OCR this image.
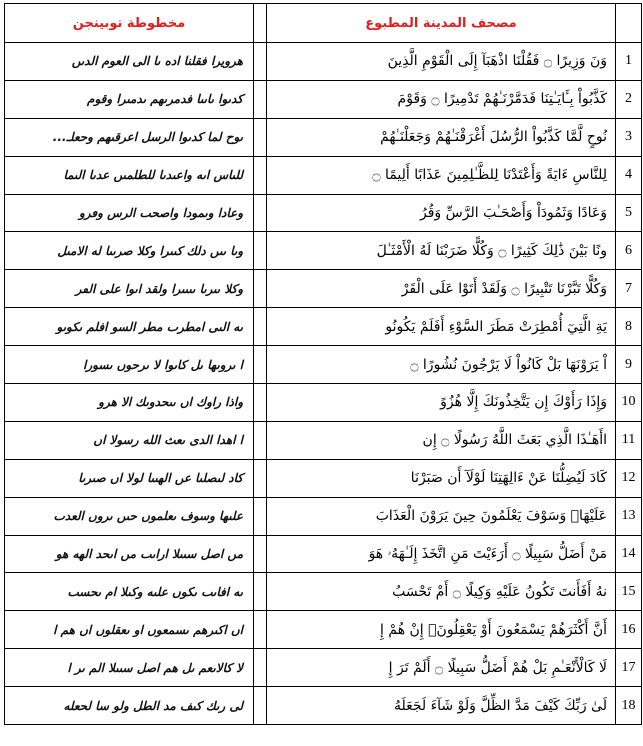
مخطوطة توبينجن		مصحف المدينة المطبوع	
هرويرا فقلنا اده ٮا الى العوم الدىں		وَنَ وَزِيرًا ۝ فَقُلْنَا اذْهَبَآ إِلَى الْقَوْمِ الَّذِينَ	1
كدىوا ٮاىٮا فدمرىهم ىدمىرا وقوم		كَذَّبُواْ بِـَٔايَـٰتِنَا فَدَمَّرْنَـٰهُمْ تَدْمِيرًا ۝ وَقَوْمَ	2
ىوح لما كدىوا الرسل اعرقىهم وحعلـ...		نُوحٍ لَّمَّا كَذَّبُواْ الرُّسُلَ أَغْرَقْنَـٰهُمْ وَجَعَلْنَـٰهُمْ	3
للىاس اىه واعىدىا للطلمىں عدىا الىما		لِلنَّاسِ ءَايَةً وَأَعْتَدْنَا لِلظَّـٰلِمِينَ عَذَابًا أَلِيمًا ۝	4
وعادا وىمودا واصحٮ الرس وٯرو		وَعَادًا وَثَمُودَاْ وَأَصْحَـٰبَ الرَّسِّ وَقُرُ	5
وىا ٮىں دلك كىىرا وكلا صرىىا له الامىل		ونًا بَيْنَ ذَٰلِكَ كَثِيرًا ۝ وَكُلًّا ضَرَبْنَا لَهُ الْأَمْثَـٰلَ	6
وكلا ىىرىا ىىىىرا ولقد اىوا على الٯر		وَكُلًّا تَبَّرْنَا تَتْبِيرًا ۝ وَلَقَدْ أَتَوْا عَلَى الْقَرْ	7
ىه الىى امطرٮ مطر السو افلم ىكوىو		يَةِ الَّتِيٓ أُمْطِرَتْ مَطَرَ السَّوْءِ أَفَلَمْ يَكُونُو	8
ا ىروىها ٮل كاىوا لا ىرحوں ىسورا		اْ يَرَوْنَهَا بَلْ كَانُواْ لَا يَرْجُونَ نُشُورًا ۝	9
واذا راوك اں ىىحدوىك الا هرو		وَإِذَا رَأَوْكَ إِن يَتَّخِذُونَكَ إِلَّا هُزُوً	10
ا اهدا الدى ٮعث الله رسولا اں		اأَهَـٰذَا الَّذِي بَعَثَ اللَّهُ رَسُولًا ۝ إِن	11
كاد لىصلىا عں الهىىا لولا اں صٮرىا		كَادَ لَيُضِلُّنَا عَنْ ءَالِهَتِنَا لَوْلَآ أَن صَبَرْنَا	12
علىها وسوف ىعلموں حىں ىروں العدٮ		عَلَيْهَاۚ وَسَوْفَ يَعْلَمُونَ حِينَ يَرَوْنَ الْعَذَابَ	13
مں اصل سٮىلا اراىٮ مں اىحد الهه هو		مَنْ أَضَلُّ سَبِيلًا ۝ أَرَءَيْتَ مَنِ اتَّخَذَ إِلَـٰهَهُۥ هَوَ	14
ىه افاىٮ ىكوں علىه وكىلا ام ىحسٮ		نهُ أَفَأَنتَ تَكُونُ عَلَيْهِ وَكِيلًا ۝ أَمْ تَحْسَبُ	15
اں اكىرهم ىسمعوں او ىعقلوں اں هم ا		أَنَّ أَكْثَرَهُمْ يَسْمَعُونَ أَوْ يَعْقِلُونَۚ إِنْ هُمْ إِ	16
لا كالاىعم ٮل هم اصل سٮىلا الم ىر ا		لَا كَالْأَنْعَـٰمِ بَلْ هُمْ أَضَلُّ سَبِيلًا ۝ أَلَمْ تَرَ إِ	17
لى رٮك كىف مد الطل ولو سا لحعله		لَىٰ رَبِّكَ كَيْفَ مَدَّ الظِّلَّ وَلَوْ شَآءَ لَجَعَلَهُ	18
